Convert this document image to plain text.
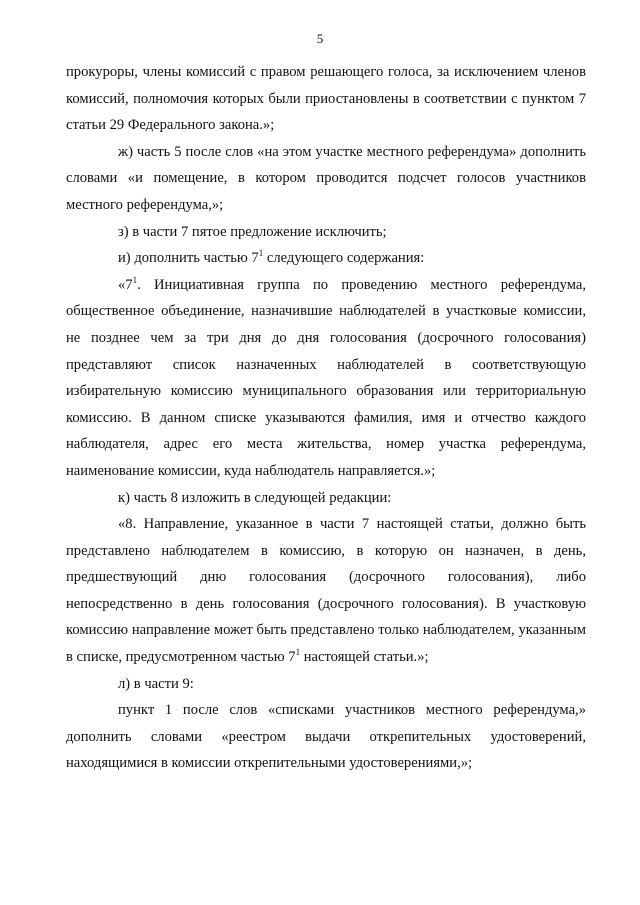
5

прокуроры, члены комиссий с правом решающего голоса, за исключением членов комиссий, полномочия которых были приостановлены в соответствии с пунктом 7 статьи 29 Федерального закона.»;

ж) часть 5 после слов «на этом участке местного референдума» дополнить словами «и помещение, в котором проводится подсчет голосов участников местного референдума,»;

з) в части 7 пятое предложение исключить;

и) дополнить частью $7^1$ следующего содержания:

«$7^1$. Инициативная группа по проведению местного референдума, общественное объединение, назначившие наблюдателей в участковые комиссии, не позднее чем за три дня до дня голосования (досрочного голосования) представляют список назначенных наблюдателей в соответствующую избирательную комиссию муниципального образования или территориальную комиссию. В данном списке указываются фамилия, имя и отчество каждого наблюдателя, адрес его места жительства, номер участка референдума, наименование комиссии, куда наблюдатель направляется.»;

к) часть 8 изложить в следующей редакции:

«8. Направление, указанное в части 7 настоящей статьи, должно быть представлено наблюдателем в комиссию, в которую он назначен, в день, предшествующий дню голосования (досрочного голосования), либо непосредственно в день голосования (досрочного голосования). В участковую комиссию направление может быть представлено только наблюдателем, указанным в списке, предусмотренном частью $7^1$ настоящей статьи.»;

л) в части 9:

пункт 1 после слов «списками участников местного референдума,» дополнить словами «реестром выдачи открепительных удостоверений, находящимися в комиссии открепительными удостоверениями,»;
